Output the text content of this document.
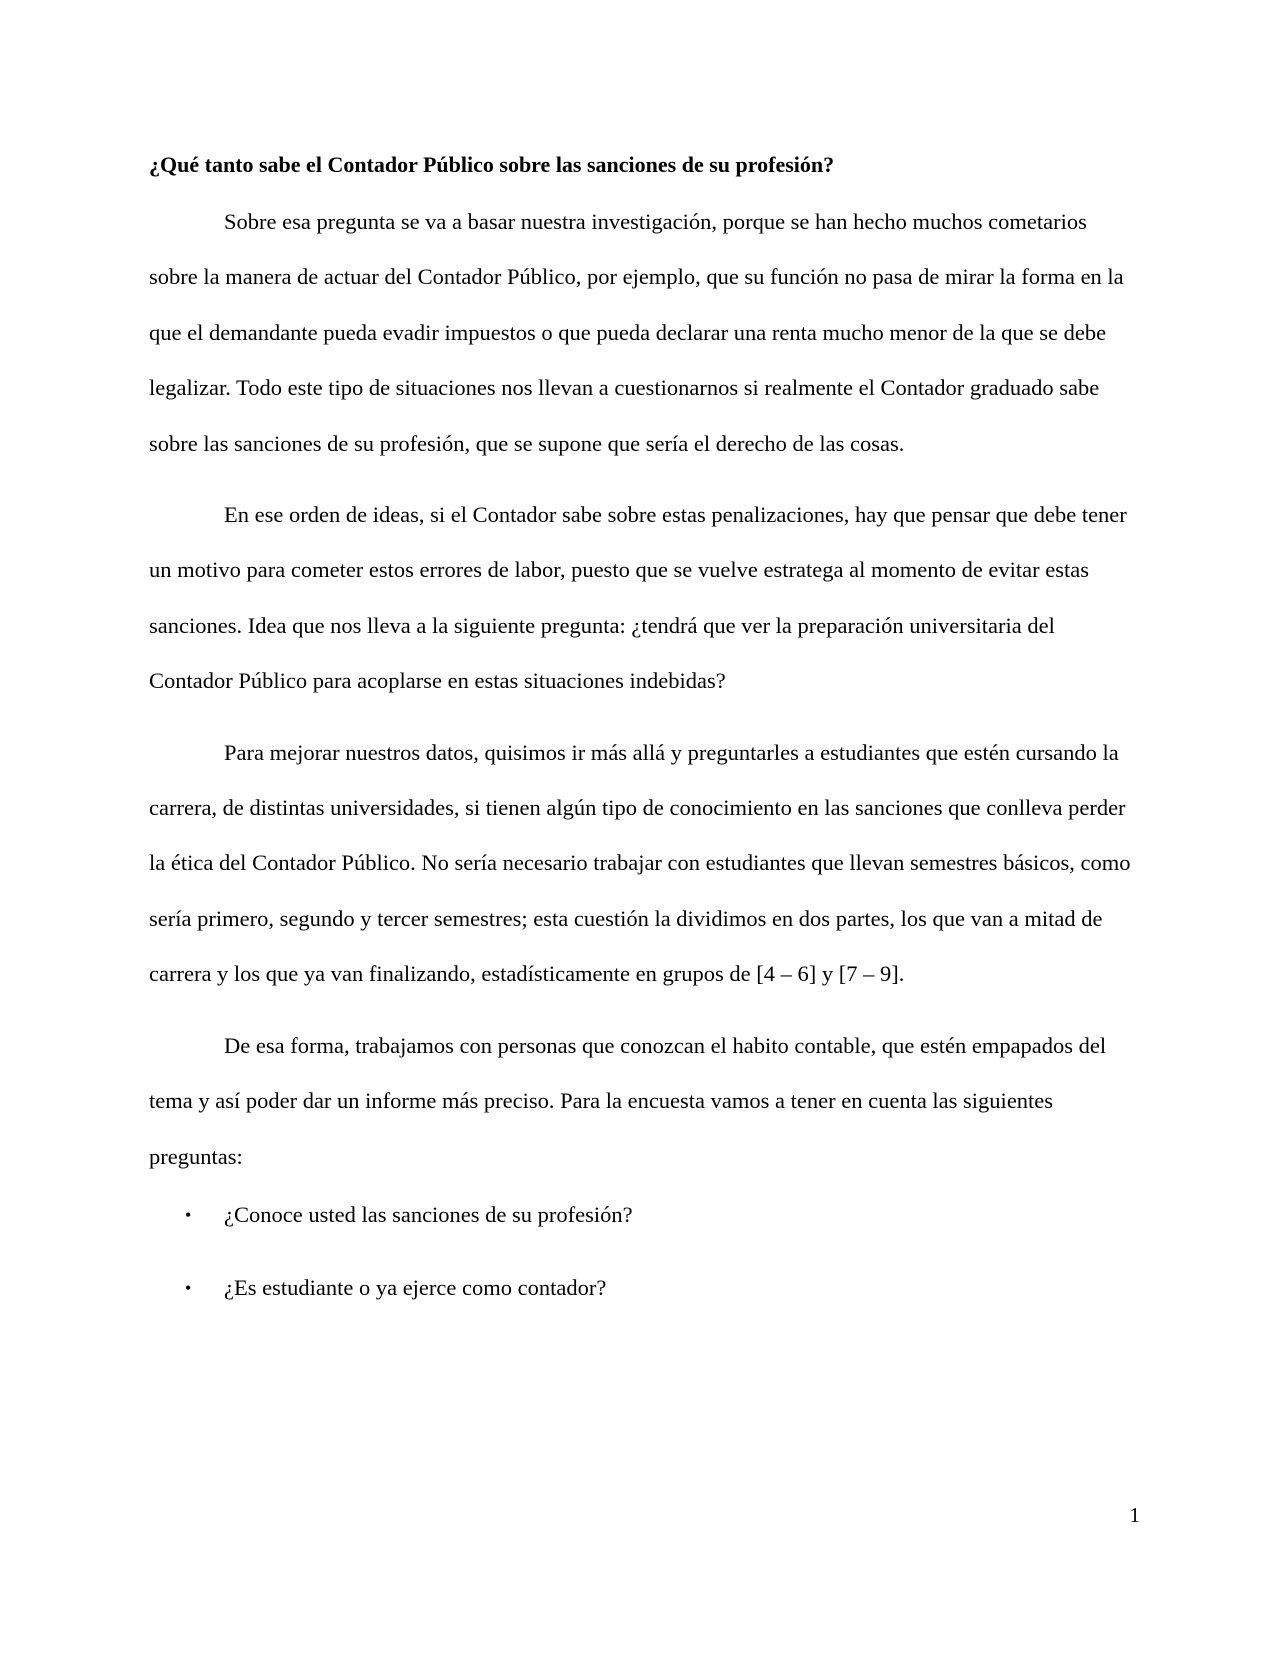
¿Qué tanto sabe el Contador Público sobre las sanciones de su profesión?

Sobre esa pregunta se va a basar nuestra investigación, porque se han hecho muchos cometarios sobre la manera de actuar del Contador Público, por ejemplo, que su función no pasa de mirar la forma en la que el demandante pueda evadir impuestos o que pueda declarar una renta mucho menor de la que se debe legalizar. Todo este tipo de situaciones nos llevan a cuestionarnos si realmente el Contador graduado sabe sobre las sanciones de su profesión, que se supone que sería el derecho de las cosas.

En ese orden de ideas, si el Contador sabe sobre estas penalizaciones, hay que pensar que debe tener un motivo para cometer estos errores de labor, puesto que se vuelve estratega al momento de evitar estas sanciones. Idea que nos lleva a la siguiente pregunta: ¿tendrá que ver la preparación universitaria del Contador Público para acoplarse en estas situaciones indebidas?

Para mejorar nuestros datos, quisimos ir más allá y preguntarles a estudiantes que estén cursando la carrera, de distintas universidades, si tienen algún tipo de conocimiento en las sanciones que conlleva perder la ética del Contador Público. No sería necesario trabajar con estudiantes que llevan semestres básicos, como sería primero, segundo y tercer semestres; esta cuestión la dividimos en dos partes, los que van a mitad de carrera y los que ya van finalizando, estadísticamente en grupos de [4 – 6] y [7 – 9].

De esa forma, trabajamos con personas que conozcan el habito contable, que estén empapados del tema y así poder dar un informe más preciso. Para la encuesta vamos a tener en cuenta las siguientes preguntas:

• ¿Conoce usted las sanciones de su profesión?
• ¿Es estudiante o ya ejerce como contador?
1
